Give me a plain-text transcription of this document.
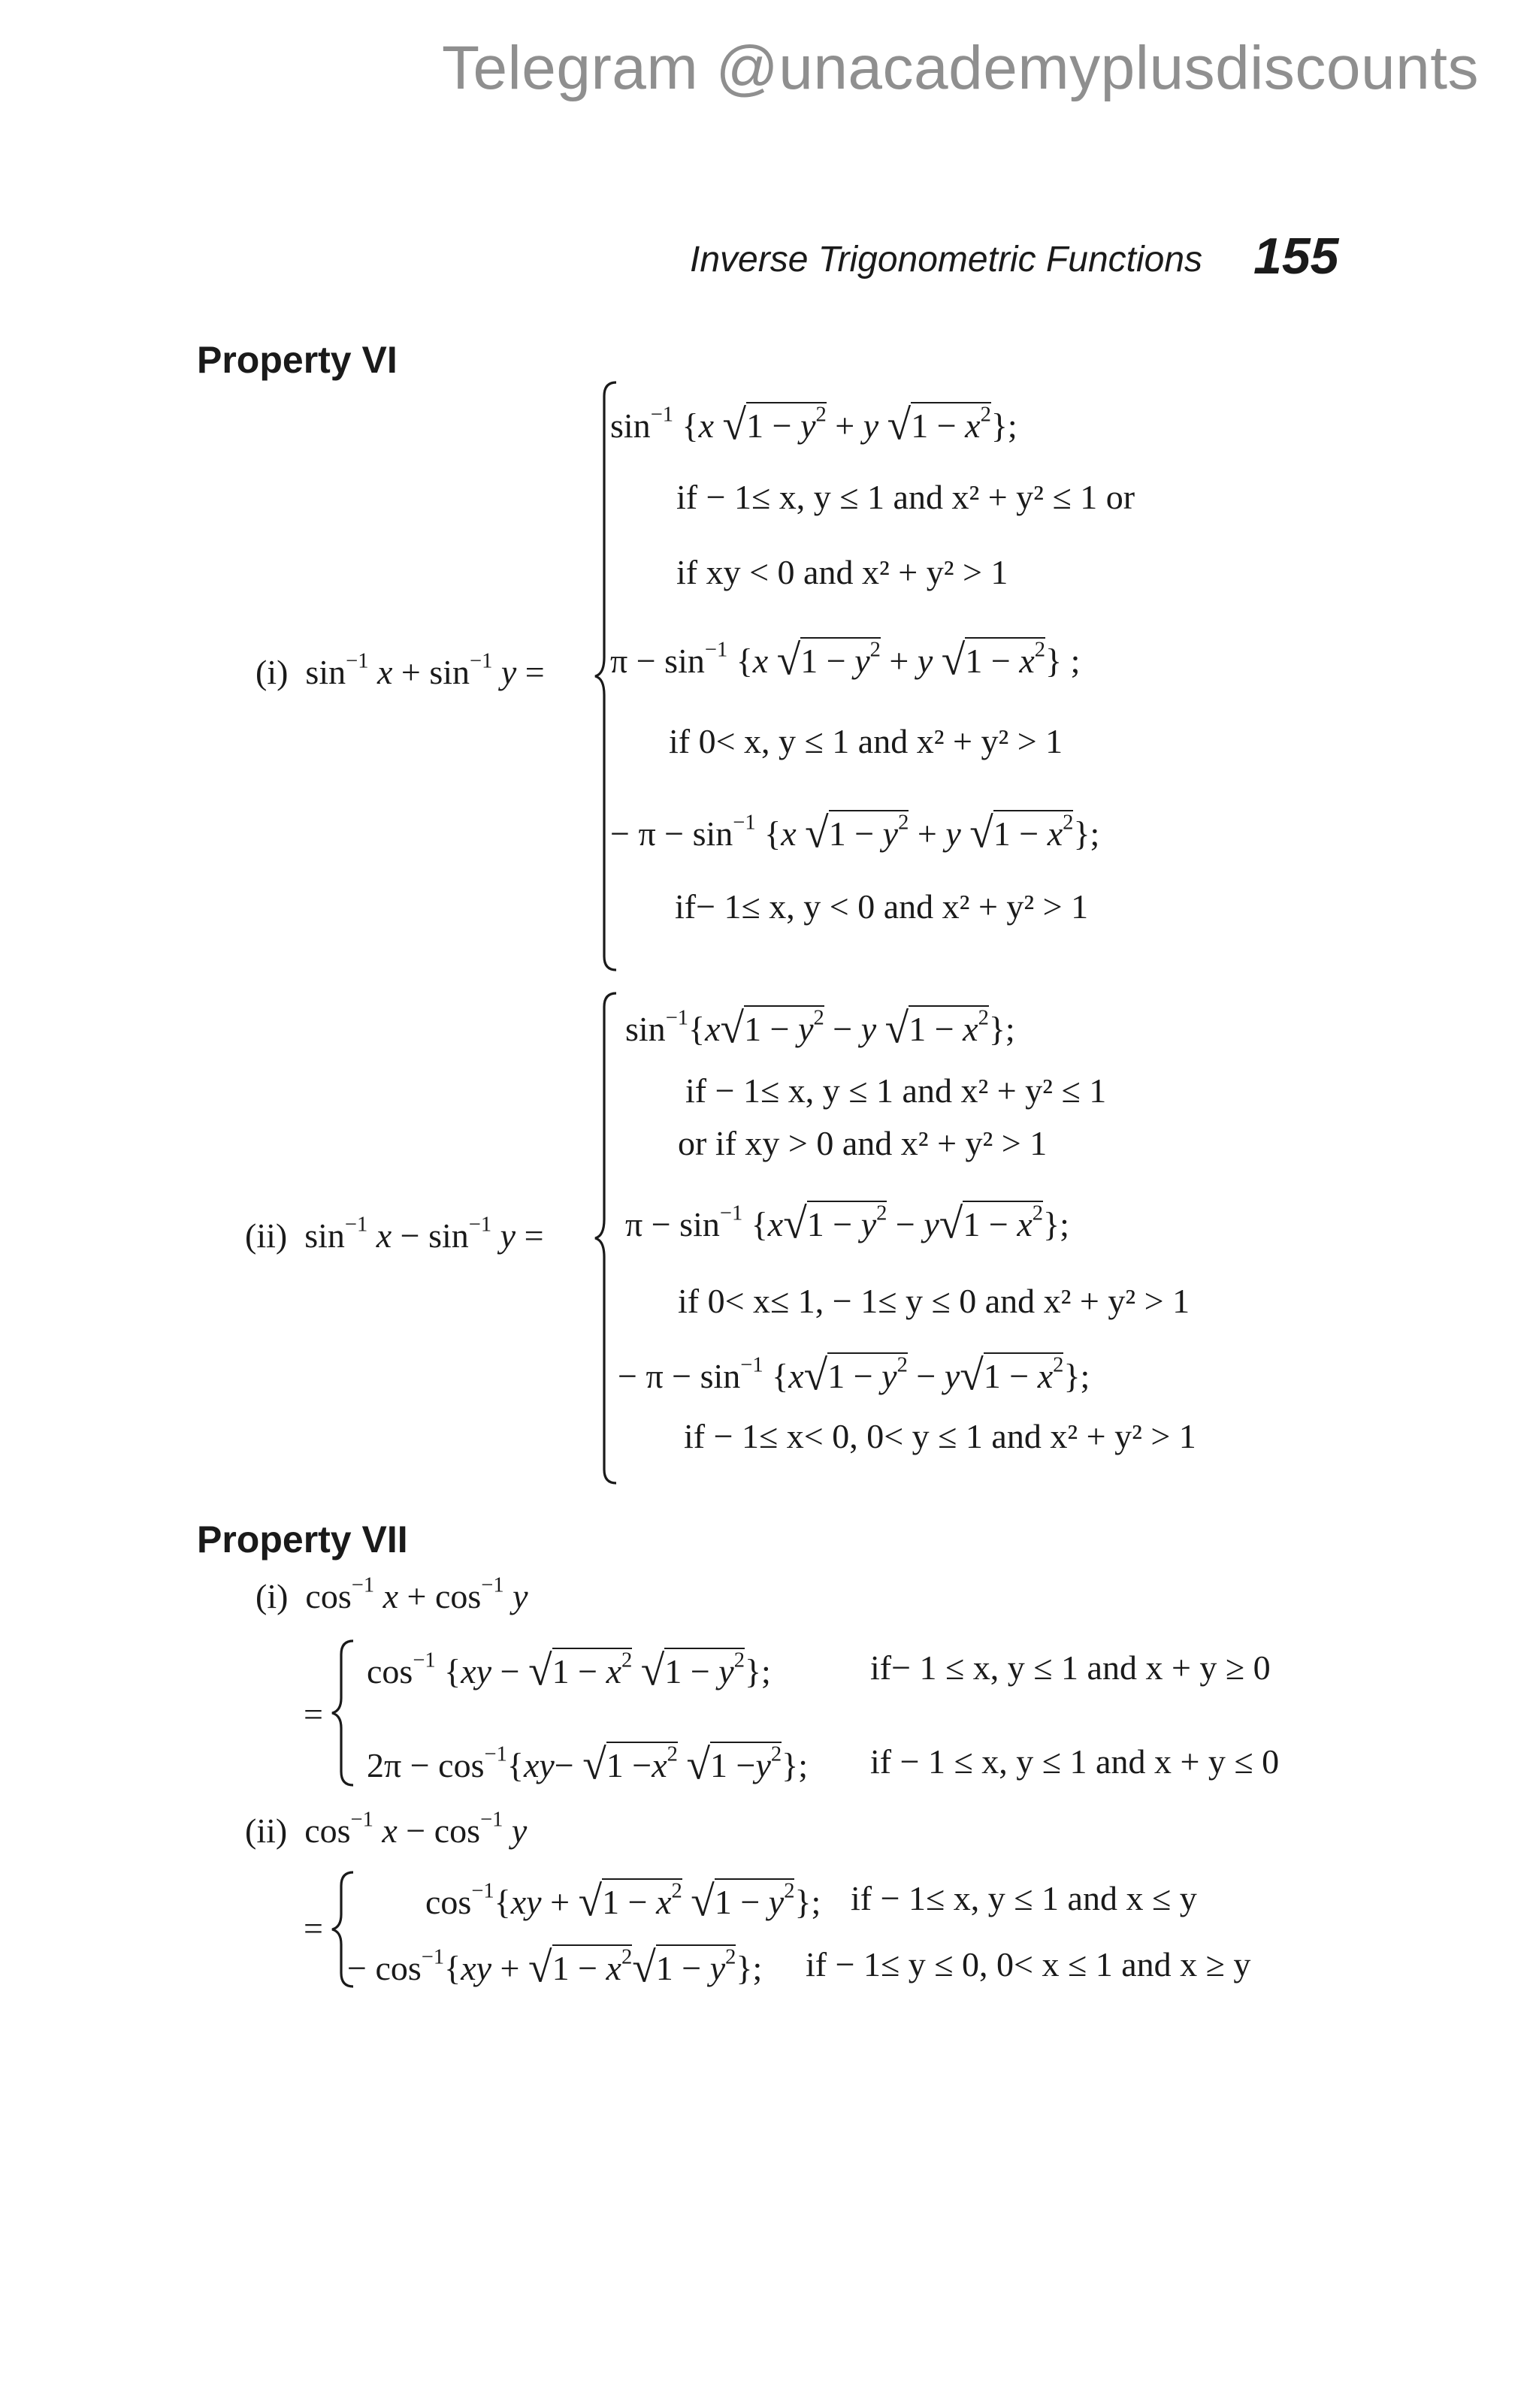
Telegram @unacademyplusdiscounts
Inverse Trigonometric Functions 155
Property VI
(i)  $\sin^{-1} x + \sin^{-1} y$ =
$\sin^{-1} \{x$ $√1 - y^2 + y$ $√1 - x^2$};
if − 1≤ x, y ≤ 1 and x² + y² ≤ 1 or
if xy < 0 and x² + y² > 1
$\pi - \sin^{-1} \{x$ $√1 - y^2 + y$ $√1 - x^2$} ;
if 0< x, y ≤ 1 and x² + y² > 1
− $\pi - \sin^{-1} \{x$ $√1 - y^2 + y$ $√1 - x^2$};
if− 1≤ x, y < 0 and x² + y² > 1
(ii)  $\sin^{-1} x - \sin^{-1} y$ =
$\sin^{-1}\{x√1 - y^2 - y$ $√1 - x^2$};
if − 1≤ x, y ≤ 1 and x² + y² ≤ 1
or if xy > 0 and x² + y² > 1
$\pi - \sin^{-1} \{x√1 - y^2 - y√1 - x^2\}$;
if 0< x≤ 1, − 1≤ y ≤ 0 and x² + y² > 1
− $\pi - \sin^{-1} \{x√1 - y^2 - y√1 - x^2\}$;
if − 1≤ x< 0, 0< y ≤ 1 and x² + y² > 1
Property VII
(i)  $\cos^{-1} x + \cos^{-1} y$
=
$\cos^{-1} \{xy - √1 - x^2$ $√1 - y^2$};	if− 1 ≤ x, y ≤ 1 and x + y ≥ 0
$2\pi - \cos^{-1}\{xy- √1 -x^2$ $√1 -y^2$}; if − 1 ≤ x, y ≤ 1 and x + y ≤ 0
(ii)  $\cos^{-1} x - \cos^{-1} y$
=
$\cos^{-1}\{xy + √1 - x^2$ $√1 - y^2$}; if − 1≤ x, y ≤ 1 and x ≤ y
− $\cos^{-1}\{xy + √1 - x^2√1 - y^2\}$; if − 1≤ y ≤ 0, 0< x ≤ 1 and x ≥ y
